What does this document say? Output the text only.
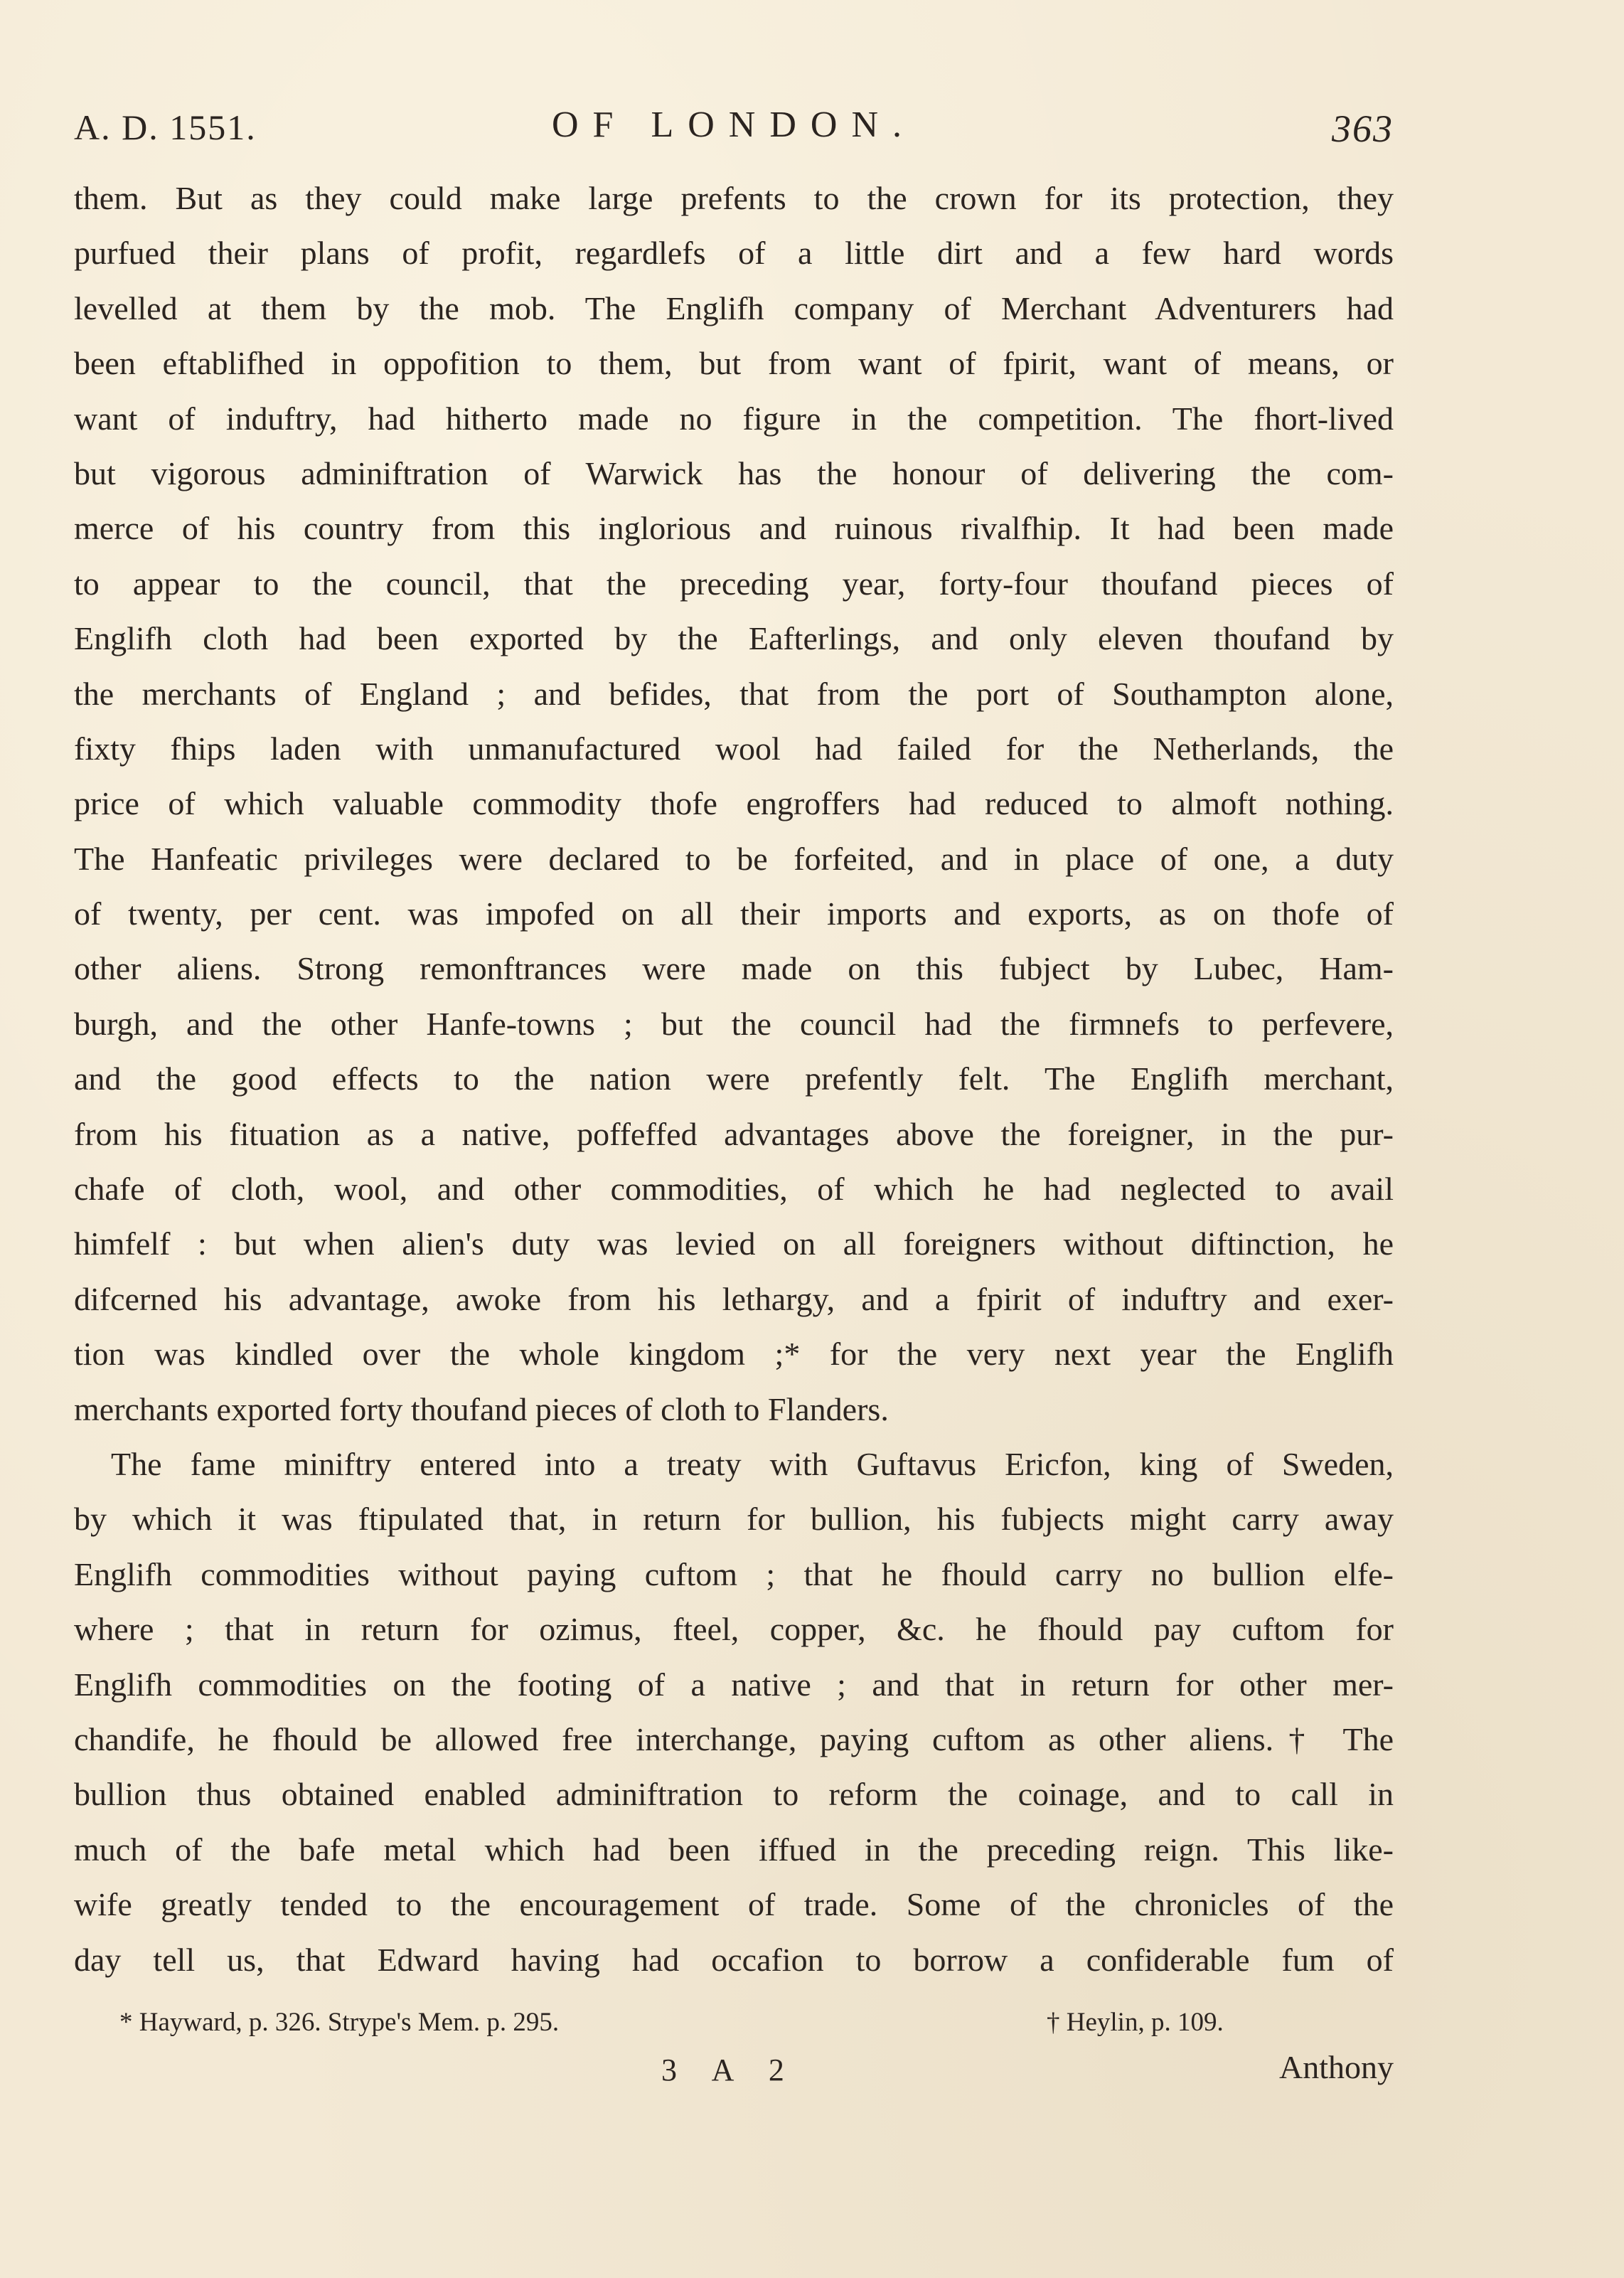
A. D. 1551.	OF LONDON.	363
them. But as they could make large prefents to the crown for its protection, they
purfued their plans of profit, regardlefs of a little dirt and a few hard words
levelled at them by the mob. The Englifh company of Merchant Adventurers had
been eftablifhed in oppofition to them, but from want of fpirit, want of means, or
want of induftry, had hitherto made no figure in the competition. The fhort-lived
but vigorous adminiftration of Warwick has the honour of delivering the com-
merce of his country from this inglorious and ruinous rivalfhip. It had been made
to appear to the council, that the preceding year, forty-four thoufand pieces of
Englifh cloth had been exported by the Eafterlings, and only eleven thoufand by
the merchants of England ; and befides, that from the port of Southampton alone,
fixty fhips laden with unmanufactured wool had failed for the Netherlands, the
price of which valuable commodity thofe engroffers had reduced to almoft nothing.
The Hanfeatic privileges were declared to be forfeited, and in place of one, a duty
of twenty, per cent. was impofed on all their imports and exports, as on thofe of
other aliens. Strong remonftrances were made on this fubject by Lubec, Ham-
burgh, and the other Hanfe-towns ; but the council had the firmnefs to perfevere,
and the good effects to the nation were prefently felt. The Englifh merchant,
from his fituation as a native, poffeffed advantages above the foreigner, in the pur-
chafe of cloth, wool, and other commodities, of which he had neglected to avail
himfelf : but when alien's duty was levied on all foreigners without diftinction, he
difcerned his advantage, awoke from his lethargy, and a fpirit of induftry and exer-
tion was kindled over the whole kingdom ;* for the very next year the Englifh
merchants exported forty thoufand pieces of cloth to Flanders.
The fame miniftry entered into a treaty with Guftavus Ericfon, king of Sweden,
by which it was ftipulated that, in return for bullion, his fubjects might carry away
Englifh commodities without paying cuftom ; that he fhould carry no bullion elfe-
where ; that in return for ozimus, fteel, copper, &c. he fhould pay cuftom for
Englifh commodities on the footing of a native ; and that in return for other mer-
chandife, he fhould be allowed free interchange, paying cuftom as other aliens.† The
bullion thus obtained enabled adminiftration to reform the coinage, and to call in
much of the bafe metal which had been iffued in the preceding reign. This like-
wife greatly tended to the encouragement of trade. Some of the chronicles of the
day tell us, that Edward having had occafion to borrow a confiderable fum of
* Hayward, p. 326. Strype's Mem. p. 295.	† Heylin, p. 109.
3 A 2	Anthony
